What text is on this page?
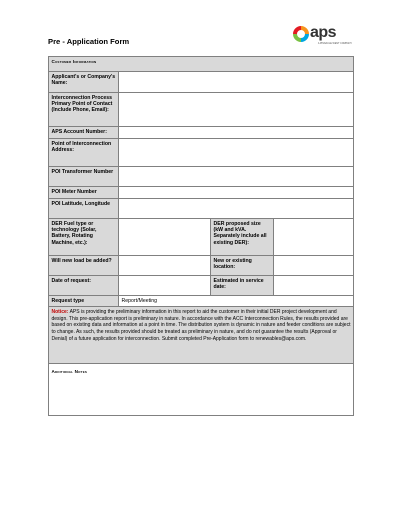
Pre - Application Form
aps
A PINNACLE WEST COMPANY
Customer Information			
Applicant's or Company's Name:			
Interconnection Process Primary Point of Contact (Include Phone, Email):			
APS Account Number:			
Point of Interconnection Address:			
POI Transformer Number			
POI Meter Number			
POI Latitude, Longitude			
DER Fuel type or technology (Solar, Battery, Rotating Machine, etc.):		DER proposed size (kW and kVA. Separately include all existing DER):	
Will new load be added?		New or existing location:	
Date of request:		Estimated in service date:	
Request type	Report/Meeting		
Notice: APS is providing the preliminary information in this report to aid the customer in their initial DER project development and design. This pre-application report is preliminary in nature. In accordance with the ACC Interconnection Rules, the results provided are based on existing data and information at a point in time. The distribution system is dynamic in nature and feeder conditions are subject to change. As such, the results provided should be treated as preliminary in nature, and do not guarantee the results (Approval or Denial) of a future application for interconnection. Submit completed Pre-Application form to renewables@aps.com.			
Additional Notes			
